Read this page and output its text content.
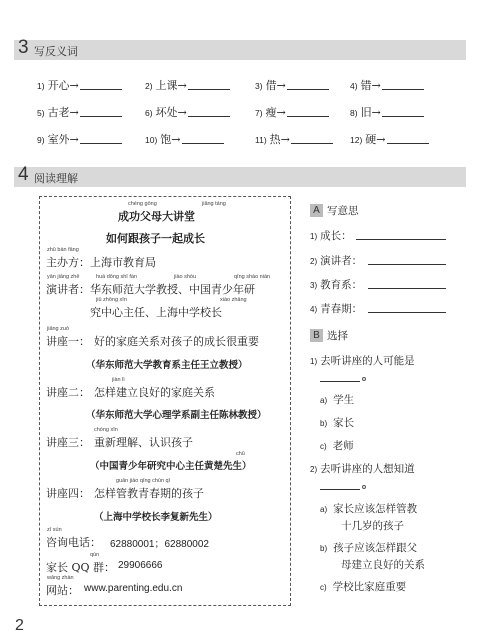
3 写反义词
1) 开心→	2) 上课→	3) 借→	4) 错→
5) 古老→	6) 坏处→	7) 瘦→	8) 旧→
9) 室外→	10) 饱→	11) 热→	12) 硬→
4 阅读理解
chéng gōng	jiǎng táng
成功父母大讲堂
如何跟孩子一起成长
zhǔ bàn fāng
主办方： 上海市教育局
yǎn jiǎng zhě	huá dōng shī fàn	jiào shòu	qīng shào nián
演讲者： 华东师范大学教授、中国青少年研
jiū zhōng xīn	xiào zhǎng
究中心主任、上海中学校长
jiǎng zuò
讲座一： 好的家庭关系对孩子的成长很重要
（华东师范大学教育系主任王立教授）
jiàn lì
讲座二： 怎样建立良好的家庭关系
（华东师范大学心理学系副主任陈林教授）
chóng xīn
讲座三： 重新理解、认识孩子
chǔ
（中国青少年研究中心主任黄楚先生）
guǎn jiào qīng chūn qī
讲座四： 怎样管教青春期的孩子
（上海中学校长李复新先生）
zī xún
咨询电话： 62880001；62880002
qún
家长 QQ 群： 29906666
wǎng zhàn
网站： www.parenting.edu.cn
A 写意思
1) 成长：
2) 演讲者：
3) 教育系：
4) 青春期：
B 选择
1) 去听讲座的人可能是
a) 学生
b) 家长
c) 老师
2) 去听讲座的人想知道
a) 家长应该怎样管教
十几岁的孩子
b) 孩子应该怎样跟父
母建立良好的关系
c) 学校比家庭重要
2
